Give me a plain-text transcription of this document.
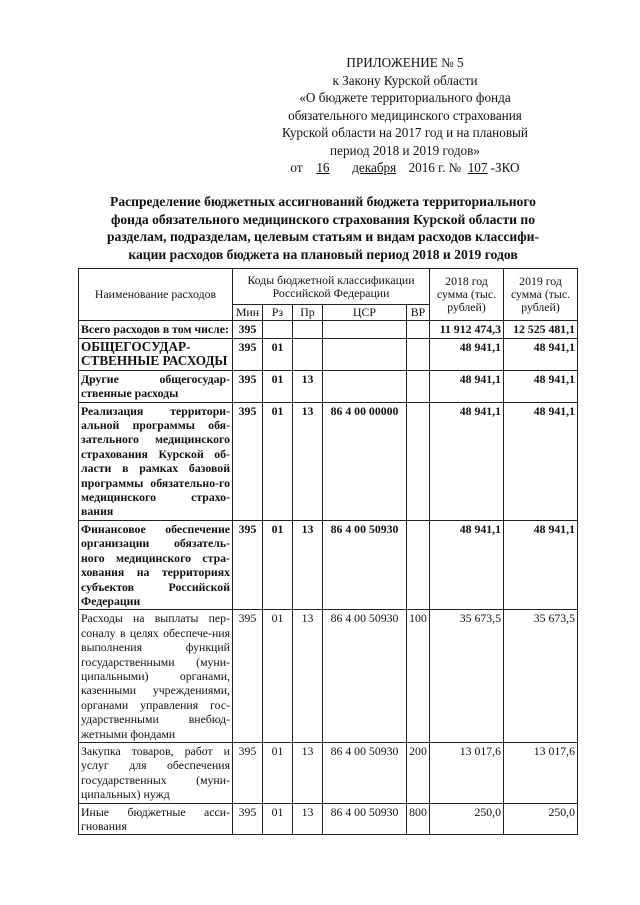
ПРИЛОЖЕНИЕ № 5
к Закону Курской области
«О бюджете территориального фонда
обязательного медицинского страхования
Курской области на 2017 год и на плановый
период 2018 и 2019 годов»
от 16 декабря 2016 г. № 107 -ЗКО
Распределение бюджетных ассигнований бюджета территориального
фонда обязательного медицинского страхования Курской области по
разделам, подразделам, целевым статьям и видам расходов классифи-
кации расходов бюджета на плановый период 2018 и 2019 годов
Наименование расходов	Коды бюджетной классификации Российской Федерации					2018 год сумма (тыс. рублей)	2019 год сумма (тыс. рублей)
	Мин	Рз	Пр	ЦСР	ВР		
Всего расходов в том числе:	395					11 912 474,3	12 525 481,1
ОБЩЕГОСУДАР-СТВЕННЫЕ РАСХОДЫ	395	01				48 941,1	48 941,1
Другие общегосудар-ственные расходы	395	01	13			48 941,1	48 941,1
Реализация территори-альной программы обя-зательного медицинского страхования Курской об-ласти в рамках базовой программы обязательно-го медицинского страхо-вания	395	01	13	86 4 00 00000		48 941,1	48 941,1
Финансовое обеспечение организации обязатель-ного медицинского стра-хования на территориях субъектов Российской Федерации	395	01	13	86 4 00 50930		48 941,1	48 941,1
Расходы на выплаты пер-соналу в целях обеспече-ния выполнения функций государственными (муни-ципальными) органами, казенными учреждениями, органами управления гос-ударственными внебюд-жетными фондами	395	01	13	86 4 00 50930	100	35 673,5	35 673,5
Закупка товаров, работ и услуг для обеспечения государственных (муни-ципальных) нужд	395	01	13	86 4 00 50930	200	13 017,6	13 017,6
Иные бюджетные асси-гнования	395	01	13	86 4 00 50930	800	250,0	250,0
